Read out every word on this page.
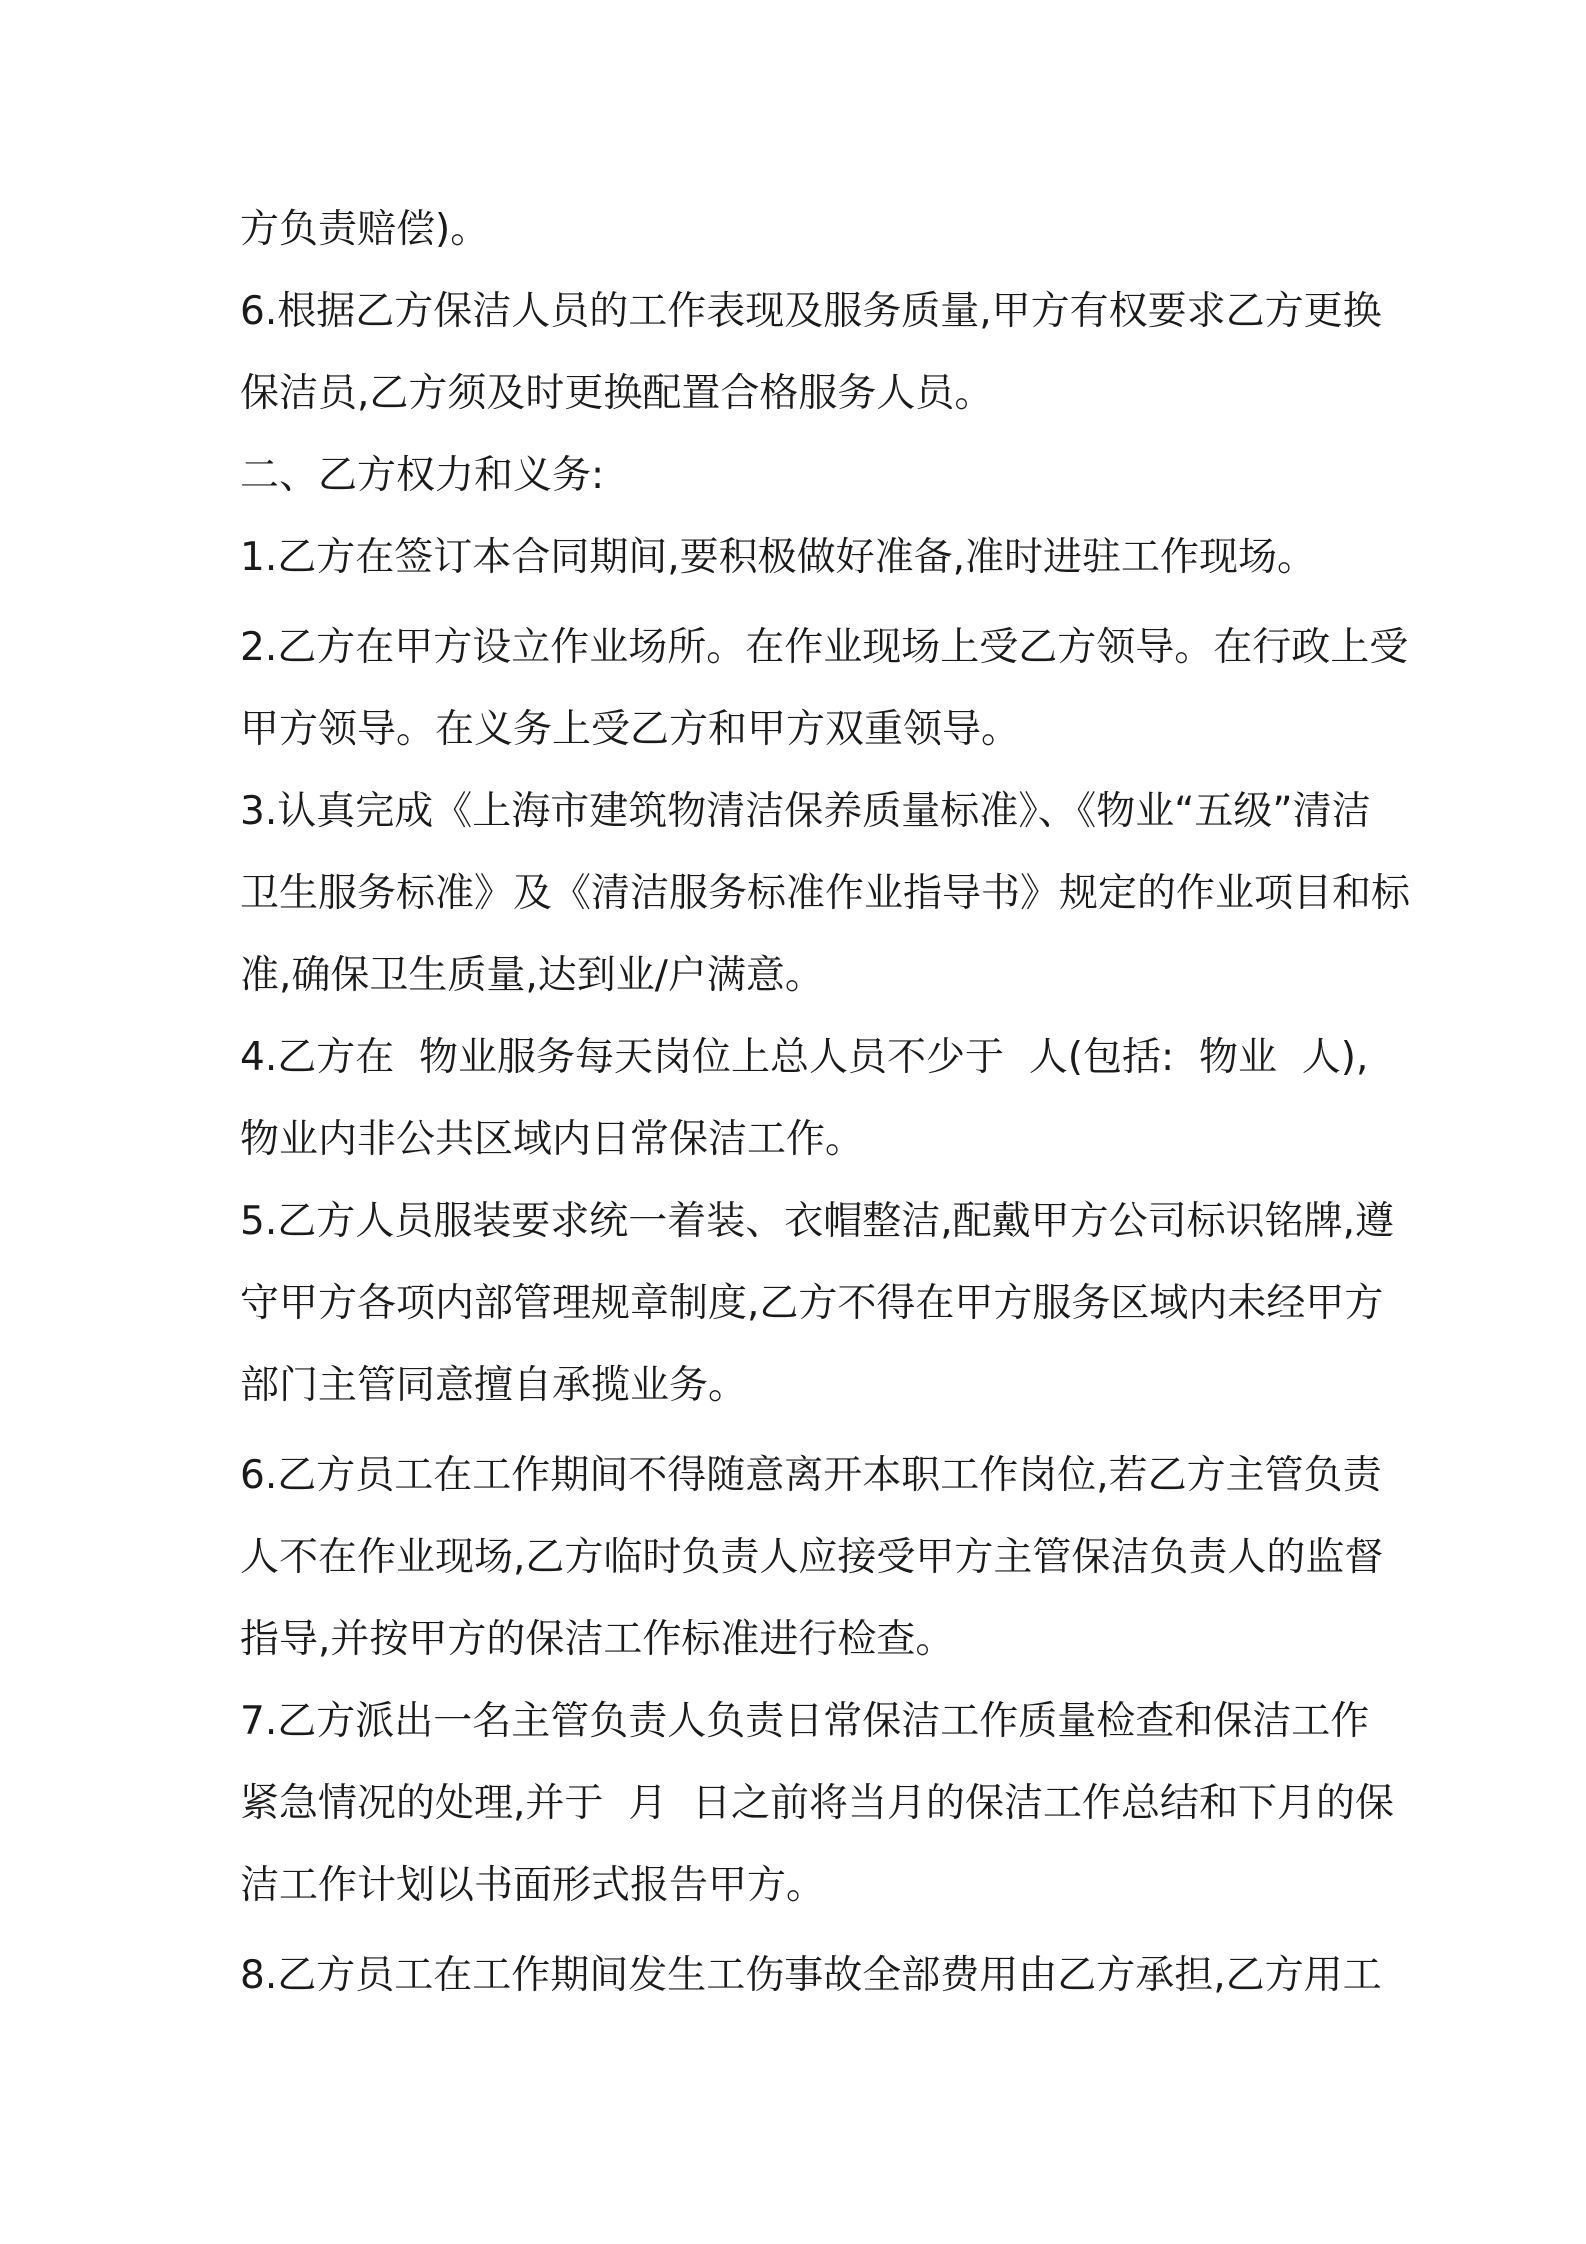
方负责赔偿)。
6.根据乙方保洁人员的工作表现及服务质量,甲方有权要求乙方更换
保洁员,乙方须及时更换配置合格服务人员。
二、乙方权力和义务:
1.乙方在签订本合同期间,要积极做好准备,准时进驻工作现场。
2.乙方在甲方设立作业场所。在作业现场上受乙方领导。在行政上受
甲方领导。在义务上受乙方和甲方双重领导。
3.认真完成《上海市建筑物清洁保养质量标准》、《物业“五级”清洁
卫生服务标准》及《清洁服务标准作业指导书》规定的作业项目和标
准,确保卫生质量,达到业/户满意。
4.乙方在  物业服务每天岗位上总人员不少于  人(包括:  物业  人),
物业内非公共区域内日常保洁工作。
5.乙方人员服装要求统一着装、衣帽整洁,配戴甲方公司标识铭牌,遵
守甲方各项内部管理规章制度,乙方不得在甲方服务区域内未经甲方
部门主管同意擅自承揽业务。
6.乙方员工在工作期间不得随意离开本职工作岗位,若乙方主管负责
人不在作业现场,乙方临时负责人应接受甲方主管保洁负责人的监督
指导,并按甲方的保洁工作标准进行检查。
7.乙方派出一名主管负责人负责日常保洁工作质量检查和保洁工作
紧急情况的处理,并于  月  日之前将当月的保洁工作总结和下月的保
洁工作计划以书面形式报告甲方。
8.乙方员工在工作期间发生工伤事故全部费用由乙方承担,乙方用工
